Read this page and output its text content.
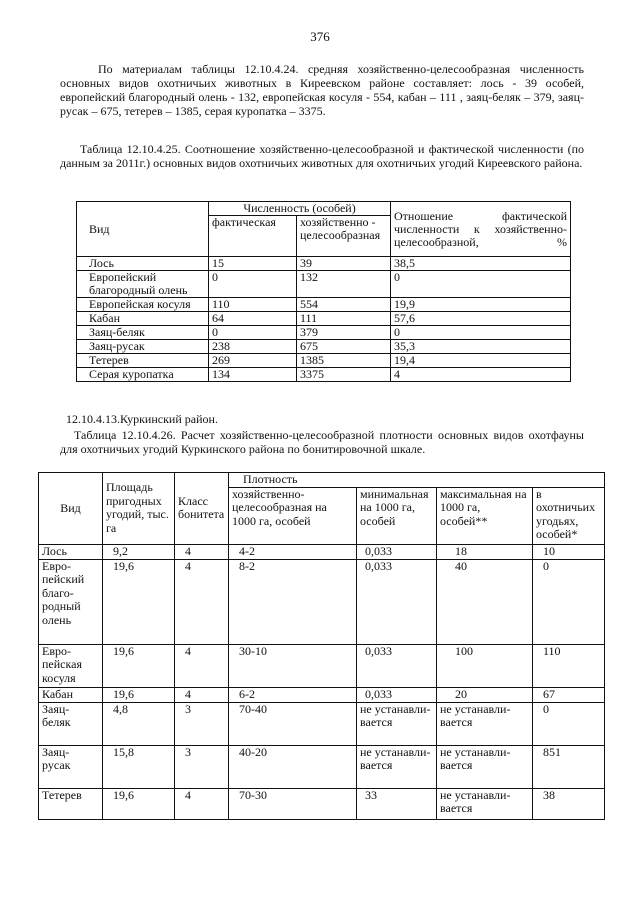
376
По материалам таблицы 12.10.4.24. средняя хозяйственно-целесообразная численность основных видов охотничьих животных в Киреевском районе составляет: лось - 39 особей, европейский благородный олень - 132, европейская косуля - 554, кабан – 111 , заяц-беляк – 379, заяц-русак – 675, тетерев – 1385, серая куропатка – 3375.
Таблица 12.10.4.25. Соотношение хозяйственно-целесообразной и фактической численности (по данным за 2011г.) основных видов охотничьих животных для охотничьих угодий Киреевского района.
Вид	Численность (особей)		Отношение фактической численности к хозяйственно-целесообразной, %
	фактическая	хозяйственно - целесообразная	
Лось	15	39	38,5
Европейский благородный олень	0	132	0
Европейская косуля	110	554	19,9
Кабан	64	111	57,6
Заяц-беляк	0	379	0
Заяц-русак	238	675	35,3
Тетерев	269	1385	19,4
Серая куропатка	134	3375	4
12.10.4.13.Куркинский район.
Таблица 12.10.4.26. Расчет хозяйственно-целесообразной плотности основных видов охотфауны для охотничьих угодий Куркинского района по бонитировочной шкале.
Вид	Площадь пригодных угодий, тыс. га	Класс бонитета	Плотность			
			хозяйственно-целесообразная на 1000 га, особей	минимальная на 1000 га, особей	максимальная на 1000 га, особей**	в охотничьих угодьях, особей*
Лось	9,2	4	4-2	0,033	18	10
Евро- пейский благо- родный олень	19,6	4	8-2	0,033	40	0
Евро- пейская косуля	19,6	4	30-10	0,033	100	110
Кабан	19,6	4	6-2	0,033	20	67
Заяц- беляк	4,8	3	70-40	не устанавли- вается	не устанавли- вается	0
Заяц- русак	15,8	3	40-20	не устанавли- вается	не устанавли- вается	851
Тетерев	19,6	4	70-30	33	не устанавли- вается	38
